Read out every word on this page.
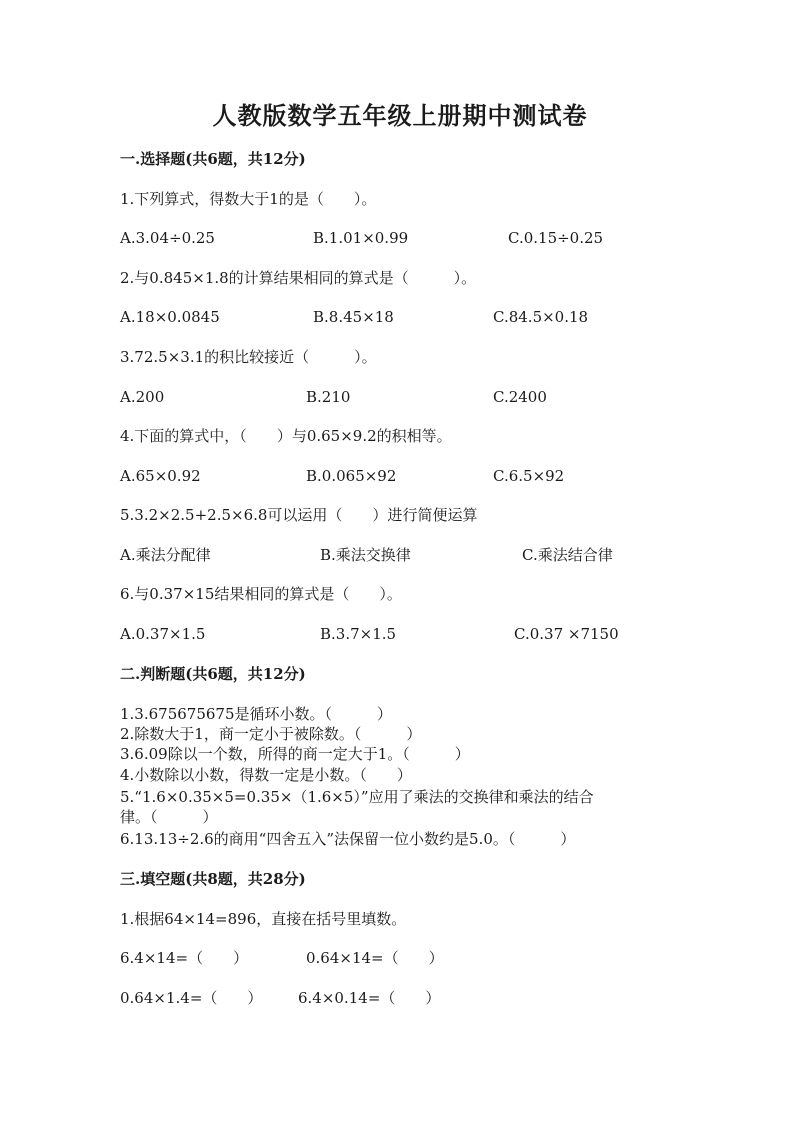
人教版数学五年级上册期中测试卷
一.选择题(共6题，共12分)
1.下列算式，得数大于1的是（　　）。
A.3.04÷0.25	B.1.01×0.99	C.0.15÷0.25
2.与0.845×1.8的计算结果相同的算式是（　　　）。
A.18×0.0845	B.8.45×18	C.84.5×0.18
3.72.5×3.1的积比较接近（　　　）。
A.200	B.210	C.2400
4.下面的算式中，（　　）与0.65×9.2的积相等。
A.65×0.92	B.0.065×92	C.6.5×92
5.3.2×2.5+2.5×6.8可以运用（　　）进行简便运算
A.乘法分配律	B.乘法交换律	C.乘法结合律
6.与0.37×15结果相同的算式是（　　）。
A.0.37×1.5	B.3.7×1.5	C.0.37 ×7150
二.判断题(共6题，共12分)
1.3.675675675是循环小数。（　　　）
2.除数大于1，商一定小于被除数。（　　　）
3.6.09除以一个数，所得的商一定大于1。（　　　）
4.小数除以小数，得数一定是小数。（　　）
5.“1.6×0.35×5=0.35×（1.6×5）”应用了乘法的交换律和乘法的结合
律。（　　　）
6.13.13÷2.6的商用“四舍五入”法保留一位小数约是5.0。（　　　）
三.填空题(共8题，共28分)
1.根据64×14=896，直接在括号里填数。
6.4×14=（　　）	0.64×14=（　　）
0.64×1.4=（　　） 6.4×0.14=（　　）
